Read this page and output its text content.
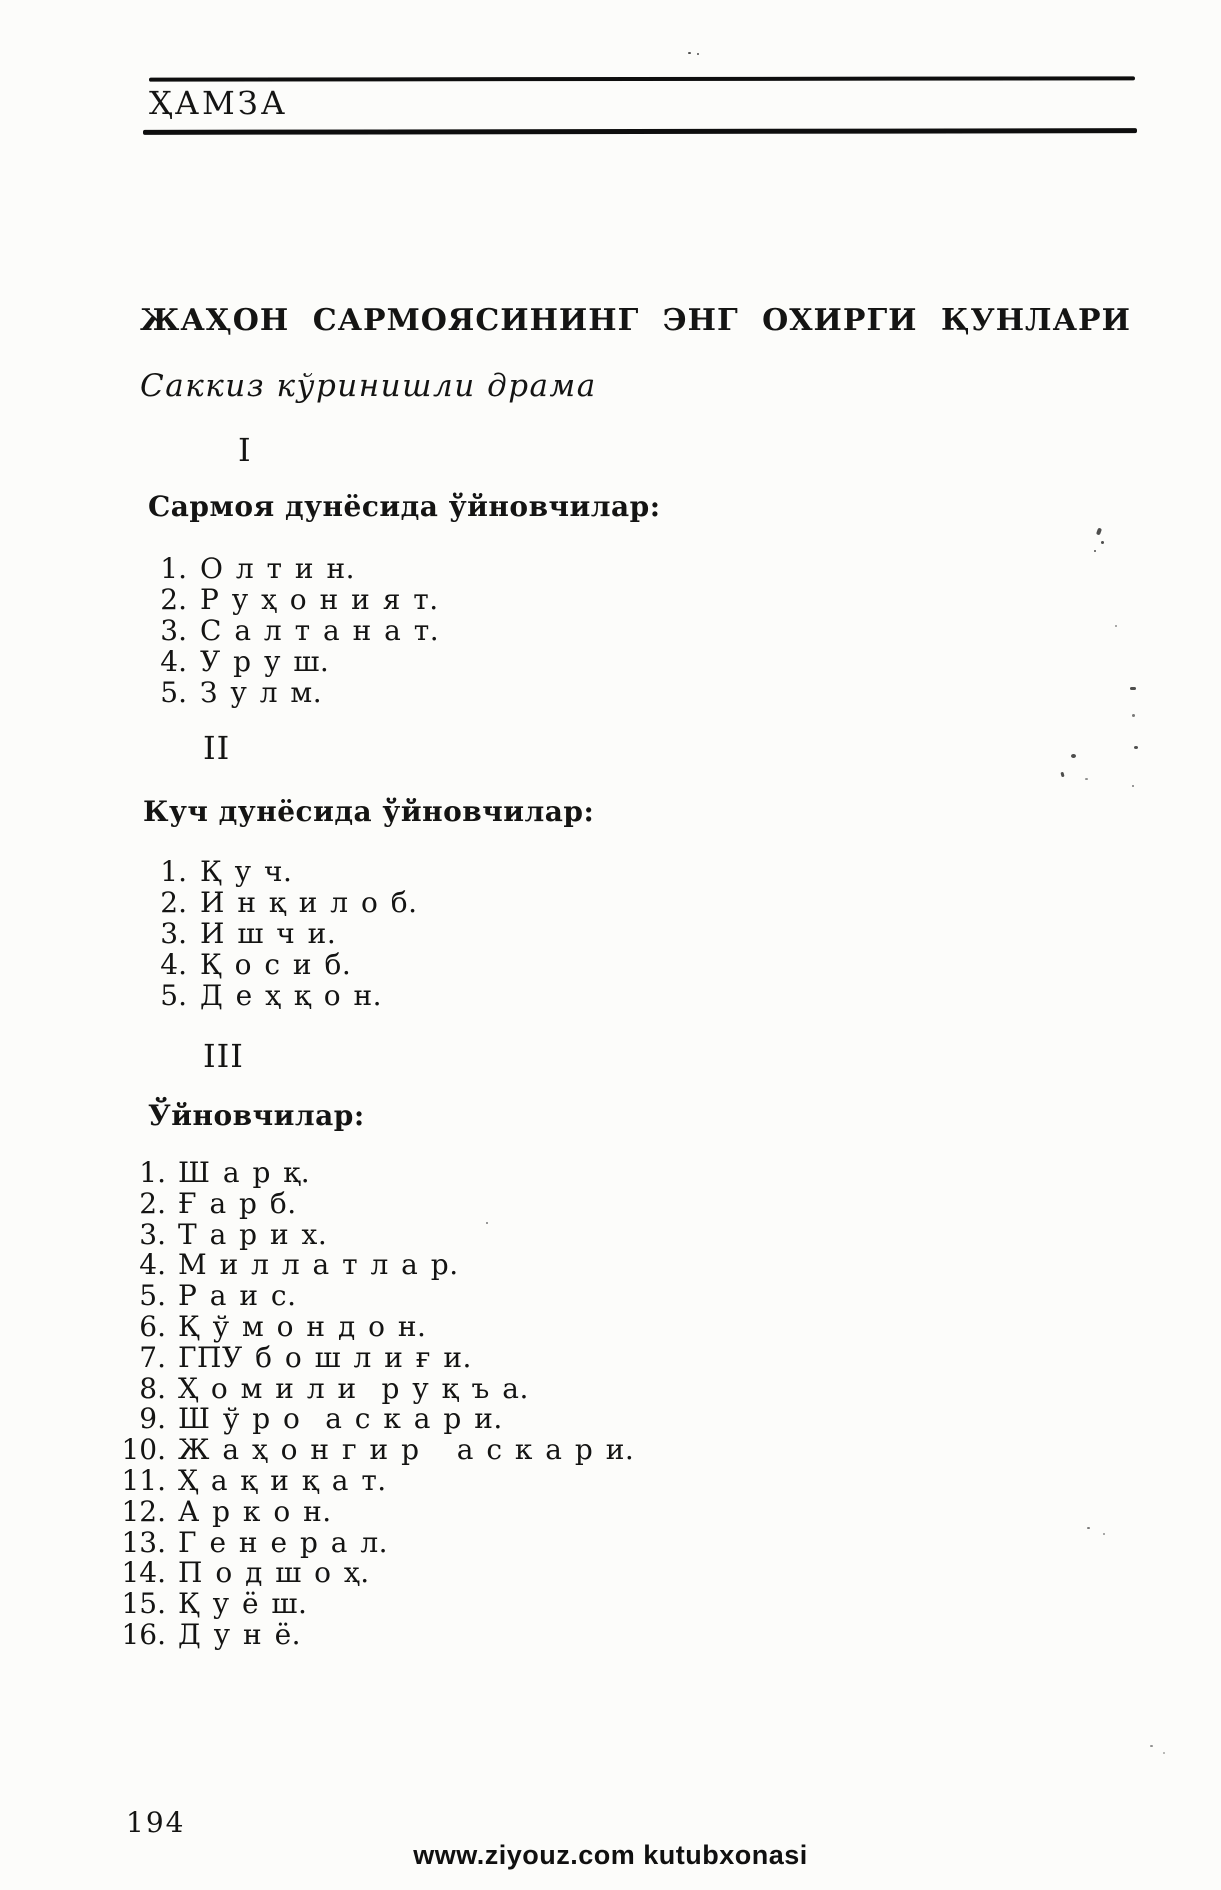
ҲАМЗА
ЖАҲОН САРМОЯСИНИНГ ЭНГ ОХИРГИ ҚУНЛАРИ
Саккиз кўринишли драма
I
Сармоя дунёсида ўйновчилар:
1. О л т и н.
2. Р у ҳ о н и я т.
3. С а л т а н а т.
4. У р у ш.
5. З у л м.
II
Куч дунёсида ўйновчилар:
1. Қ у ч.
2. И н қ и л о б.
3. И ш ч и.
4. Қ о с и б.
5. Д е ҳ қ о н.
III
Ўйновчилар:
1. Ш а р қ.
2. Ғ а р б.
3. Т а р и х.
4. М и л л а т л а р.
5. Р а и с.
6. Қ ў м о н д о н.
7. ГПУ б о ш л и ғ и.
8. Ҳ о м и л и  р у қ ъ а.
9. Ш ў р о  а с к а р и.
10. Ж а ҳ о н г и р   а с к а р и.
11. Ҳ а қ и қ а т.
12. А р к о н.
13. Г е н е р а л.
14. П о д ш о ҳ.
15. Қ у ё ш.
16. Д у н ё.
194
www.ziyouz.com kutubxonasi
